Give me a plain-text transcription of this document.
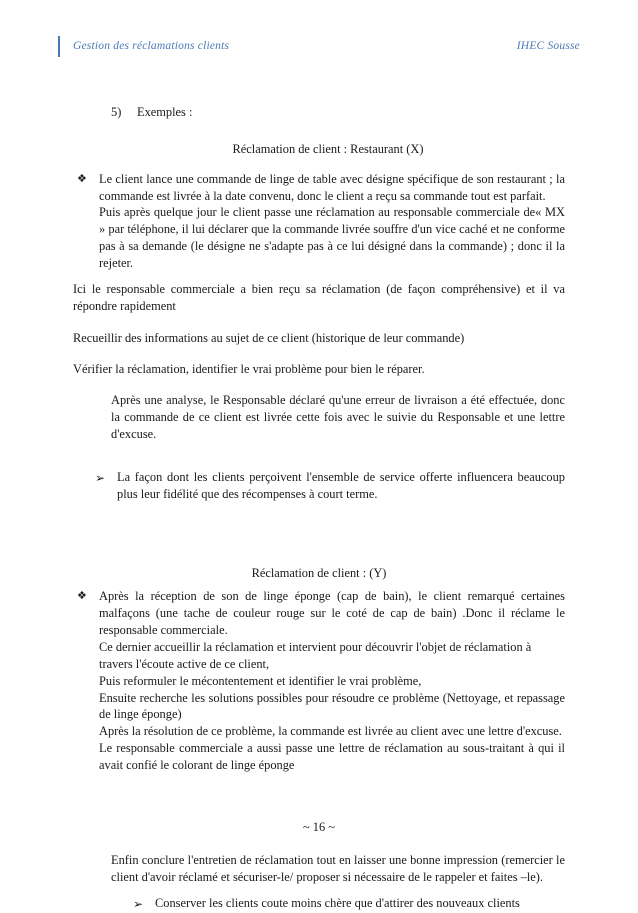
Gestion des réclamations clients	IHEC Sousse
5)	Exemples :
Réclamation de client : Restaurant (X)
❖ Le client lance une commande de linge de table avec désigne spécifique de son restaurant ; la commande est livrée à la date convenu, donc le client a reçu sa commande tout est parfait.
Puis après quelque jour le client passe une réclamation au responsable commerciale de« MX » par téléphone, il lui déclarer que la commande livrée souffre d'un vice caché et ne conforme pas à sa demande (le désigne ne s'adapte pas à ce lui désigné dans la commande) ; donc il la rejeter.
Ici le responsable commerciale a bien reçu sa réclamation (de façon compréhensive) et il va répondre rapidement
Recueillir des informations au sujet de ce client (historique de leur commande)
Vérifier la réclamation, identifier le vrai problème pour bien le réparer.
Après une analyse, le Responsable déclaré qu'une erreur de livraison a été effectuée, donc la commande de ce client est livrée cette fois avec le suivie du Responsable et une lettre d'excuse.
➢ La façon dont les clients perçoivent l'ensemble de service offerte influencera beaucoup plus leur fidélité que des récompenses à court terme.
Réclamation de client : (Y)
❖ Après la réception de son de linge éponge (cap de bain), le client remarqué certaines malfaçons (une tache de couleur rouge sur le coté de cap de bain) .Donc il réclame le responsable commerciale.
Ce dernier accueillir la réclamation et intervient pour découvrir l'objet de réclamation à travers l'écoute active de ce client,
Puis reformuler le mécontentement et identifier le vrai problème,
Ensuite recherche les solutions possibles pour résoudre ce problème (Nettoyage, et repassage de linge éponge)
Après la résolution de ce problème, la commande est livrée au client avec une lettre d'excuse.
Le responsable commerciale a aussi passe une lettre de réclamation au sous-traitant à qui il avait confié le colorant de linge éponge
Enfin conclure l'entretien de réclamation tout en laisser une bonne impression (remercier le client d'avoir réclamé et sécuriser-le/ proposer si nécessaire de le rappeler et faites –le).
➢ Conserver les clients coute moins chère que d'attirer des nouveaux clients
~ 16 ~
